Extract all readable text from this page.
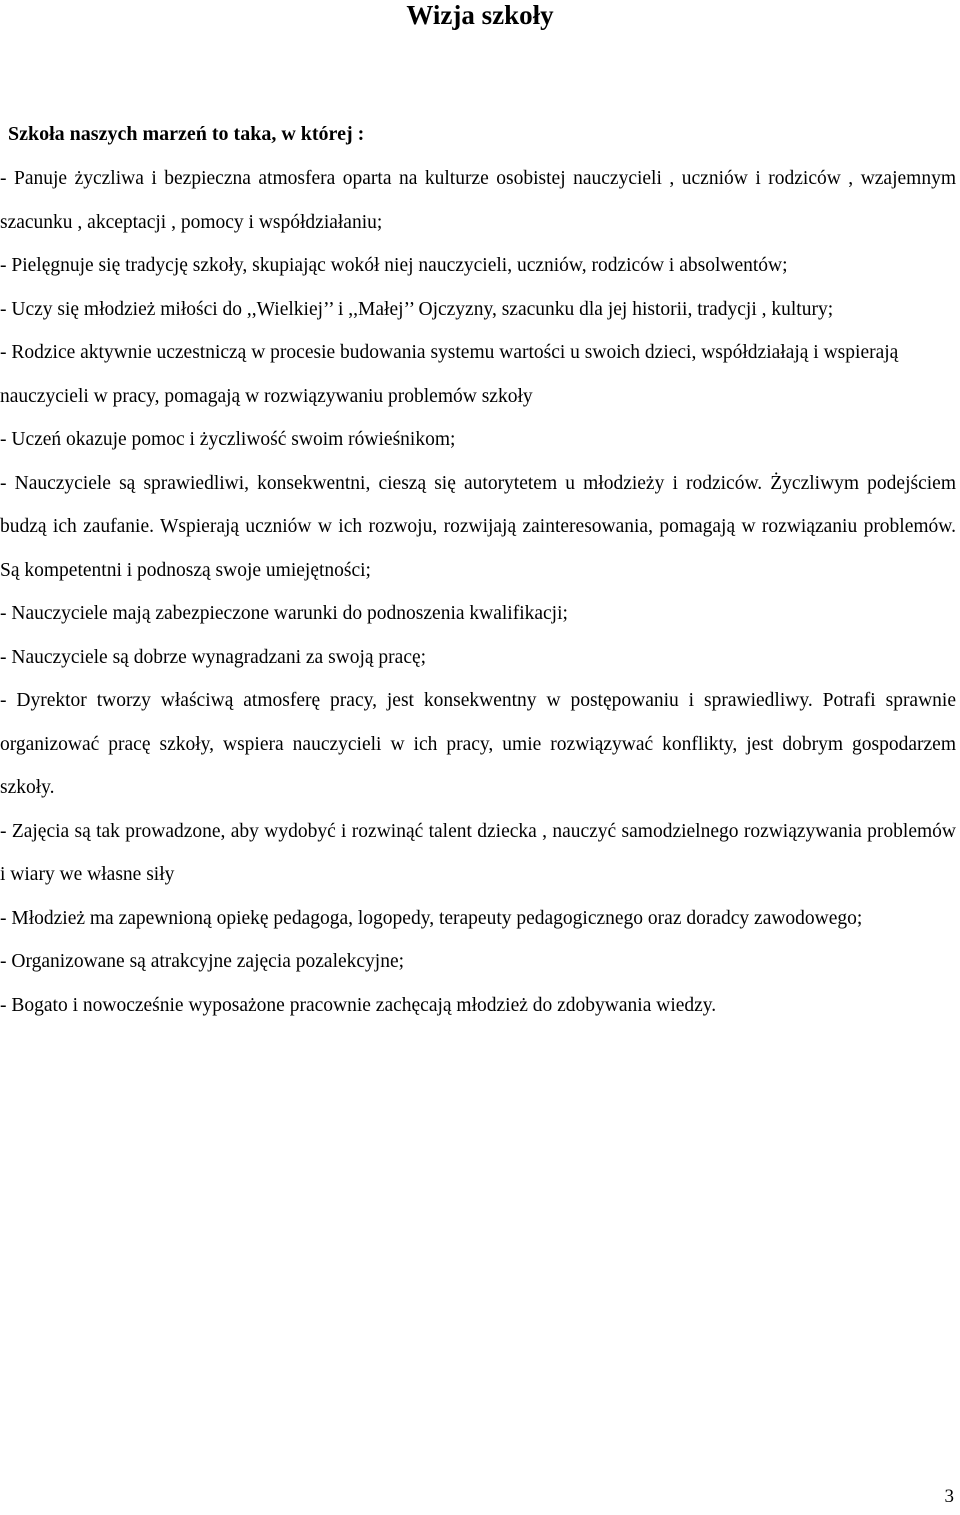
Wizja szkoły
Szkoła naszych marzeń to taka, w której :

- Panuje życzliwa i bezpieczna atmosfera oparta na kulturze osobistej nauczycieli , uczniów i rodziców , wzajemnym szacunku , akceptacji , pomocy i współdziałaniu;

- Pielęgnuje się tradycję szkoły, skupiając wokół niej nauczycieli, uczniów, rodziców i absolwentów;

- Uczy się młodzież miłości do ,,Wielkiej’’ i ,,Małej’’ Ojczyzny, szacunku dla jej historii, tradycji , kultury;

- Rodzice aktywnie uczestniczą w procesie budowania systemu wartości u swoich dzieci, współdziałają i wspierają nauczycieli w pracy, pomagają w rozwiązywaniu problemów szkoły

- Uczeń okazuje pomoc i życzliwość swoim rówieśnikom;

- Nauczyciele są sprawiedliwi, konsekwentni, cieszą się autorytetem u młodzieży i rodziców. Życzliwym podejściem budzą ich zaufanie. Wspierają uczniów w ich rozwoju, rozwijają zainteresowania, pomagają w rozwiązaniu problemów. Są kompetentni i podnoszą swoje umiejętności;

- Nauczyciele mają zabezpieczone warunki do podnoszenia kwalifikacji;

- Nauczyciele są dobrze wynagradzani za swoją pracę;

- Dyrektor tworzy właściwą atmosferę pracy, jest konsekwentny w postępowaniu i sprawiedliwy. Potrafi sprawnie organizować pracę szkoły, wspiera nauczycieli w ich pracy, umie rozwiązywać konflikty, jest dobrym gospodarzem szkoły.

- Zajęcia są tak prowadzone, aby wydobyć i rozwinąć talent dziecka , nauczyć samodzielnego rozwiązywania problemów i wiary we własne siły

- Młodzież ma zapewnioną opiekę pedagoga, logopedy, terapeuty pedagogicznego oraz doradcy zawodowego;

- Organizowane są atrakcyjne zajęcia pozalekcyjne;

- Bogato i nowocześnie wyposażone pracownie zachęcają młodzież do zdobywania wiedzy.

3
